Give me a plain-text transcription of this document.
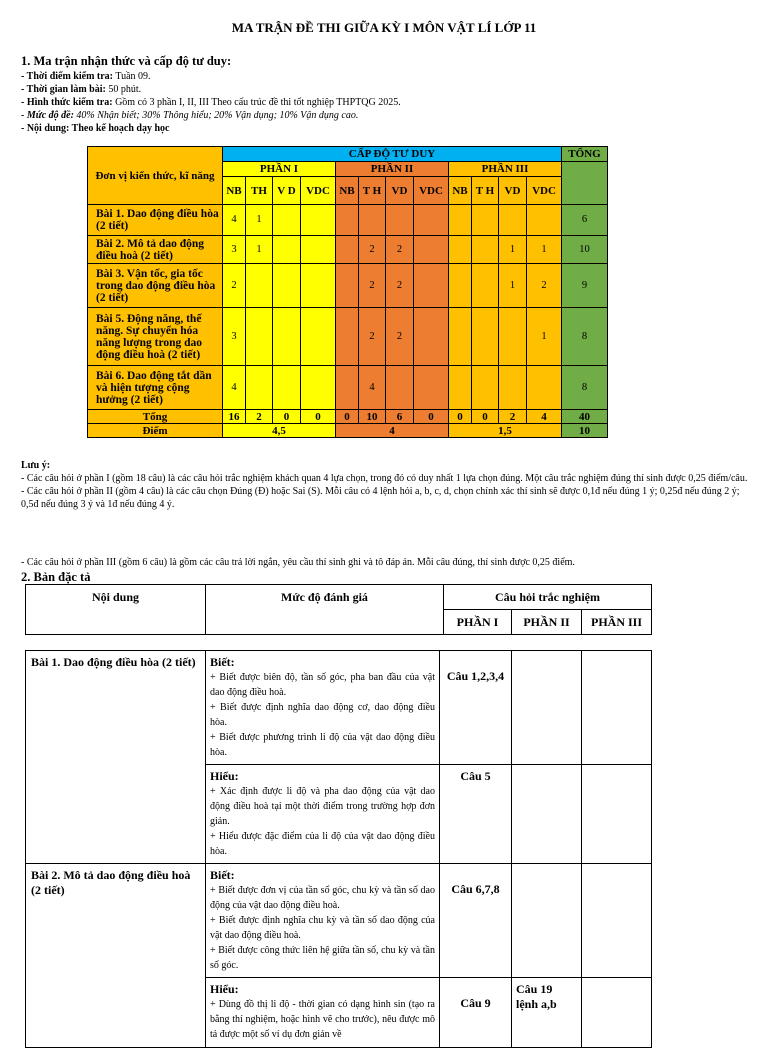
MA TRẬN ĐỀ THI GIỮA KỲ I MÔN VẬT LÍ LỚP 11
1. Ma trận nhận thức và cấp độ tư duy:
- Thời điểm kiểm tra: Tuần 09.
- Thời gian làm bài: 50 phút.
- Hình thức kiểm tra: Gồm có 3 phần I, II, III Theo cấu trúc đề thi tốt nghiệp THPTQG 2025.
- Mức độ đề: 40% Nhận biết; 30% Thông hiểu; 20% Vận dụng; 10% Vận dụng cao.
- Nội dung: Theo kế hoạch dạy học
Đơn vị kiến thức, kĩ năng	CẤP ĐỘ TƯ DUY												TỔNG
	PHẦN I				PHẦN II				PHẦN III				
	NB	TH	V D	VDC	NB	T H	VD	VDC	NB	T H	VD	VDC	
Bài 1. Dao động điều hòa (2 tiết)	4	1											6
Bài 2. Mô tả dao động điều hoà (2 tiết)	3	1				2	2				1	1	10
Bài 3. Vận tốc, gia tốc trong dao động điều hòa (2 tiết)	2					2	2				1	2	9
Bài 5. Động năng, thế năng. Sự chuyển hóa năng lượng trong dao động điều hoà (2 tiết)	3					2	2					1	8
Bài 6. Dao động tắt dần và hiện tượng cộng hưởng (2 tiết)	4					4							8
Tổng	16	2	0	0	0	10	6	0	0	0	2	4	40
Điểm	4,5				4				1,5				10
Lưu ý:
- Các câu hỏi ở phần I (gồm 18 câu) là các câu hỏi trắc nghiệm khách quan 4 lựa chọn, trong đó có duy nhất 1 lựa chọn đúng. Một câu trắc nghiệm đúng thí sinh được 0,25 điểm/câu.
- Các câu hỏi ở phần II (gồm 4 câu) là các câu chọn Đúng (Đ) hoặc Sai (S). Mỗi câu có 4 lệnh hỏi a, b, c, d, chọn chính xác thí sinh sẽ được 0,1đ nếu đúng 1 ý; 0,25đ nếu đúng 2 ý; 0,5đ nếu đúng 3 ý và 1đ nếu đúng 4 ý.
- Các câu hỏi ở phần III (gồm 6 câu) là gồm các câu trả lời ngắn, yêu cầu thí sinh ghi và tô đáp án. Mỗi câu đúng, thí sinh được 0,25 điểm.
2. Bản đặc tả
Nội dung	Mức độ đánh giá	Câu hỏi trắc nghiệm		
		PHẦN I	PHẦN II	PHẦN III
Bài 1. Dao động điều hòa (2 tiết)	Biết:
+ Biết được biên độ, tần số góc, pha ban đầu của vật dao động điều hoà.
+ Biết được định nghĩa dao động cơ, dao động điều hòa.
+ Biết được phương trình li độ của vật dao động điều hòa.	Câu 1,2,3,4		

	Hiểu:
+ Xác định được li độ và pha dao động của vật dao động điều hoà tại một thời điểm trong trường hợp đơn giản.
+ Hiểu được đặc điểm của li độ của vật dao động điều hòa.	Câu 5		
Bài 2. Mô tả dao động điều hoà (2 tiết)	Biết:
+ Biết được đơn vị của tần số góc, chu kỳ và tần số dao động của vật dao động điều hoà.
+ Biết được định nghĩa chu kỳ và tần số dao động của vật dao động điều hoà.
+ Biết được công thức liên hệ giữa tần số, chu kỳ và tần số góc.	Câu 6,7,8		

	Hiểu:
+ Dùng đồ thị li độ - thời gian có dạng hình sin (tạo ra bằng thí nghiệm, hoặc hình vẽ cho trước), nêu được mô tả được một số ví dụ đơn giản về	Câu 9	Câu 19 lệnh a,b	
